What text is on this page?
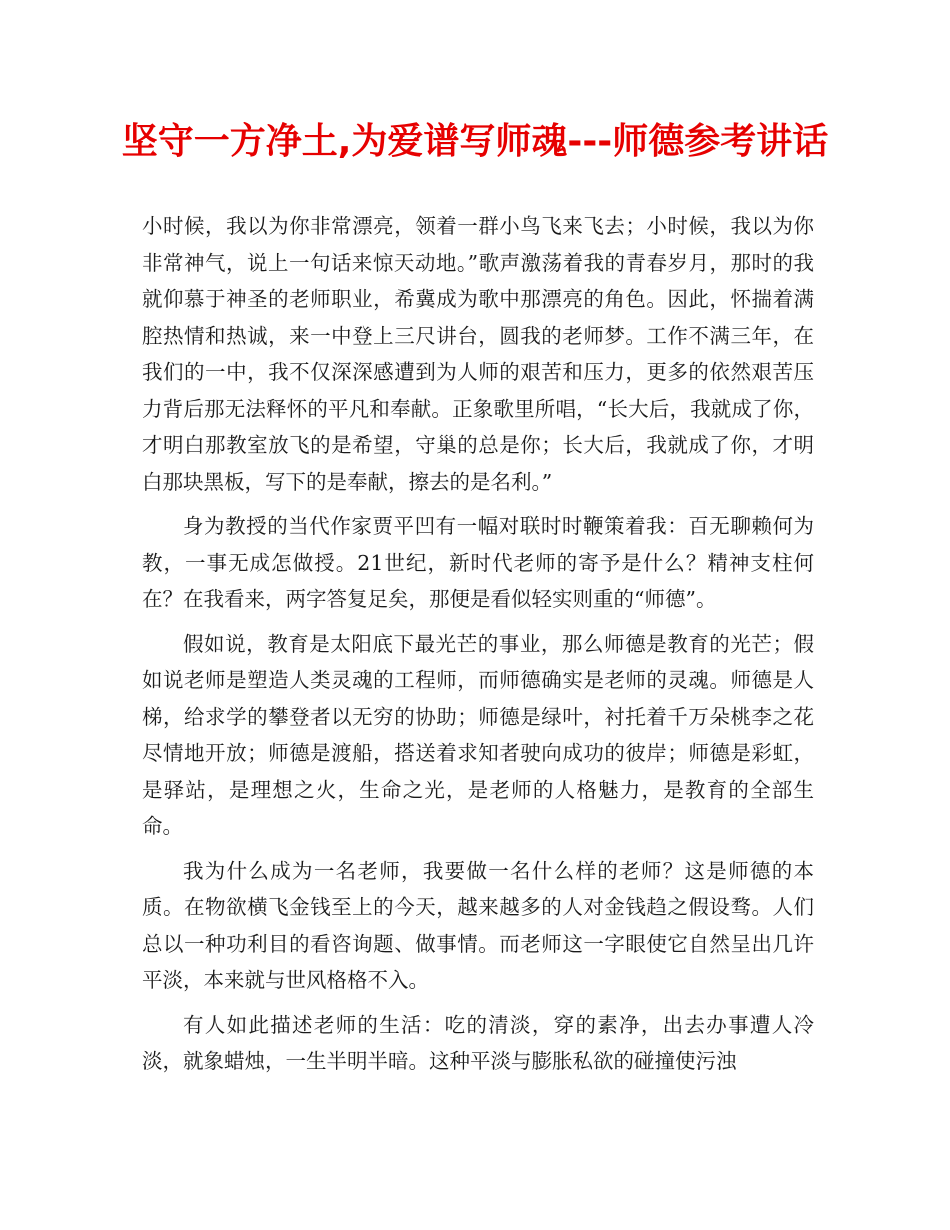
坚守一方净土,为爱谱写师魂---师德参考讲话

小时候，我以为你非常漂亮，领着一群小鸟飞来飞去；小时候，我以为你非常神气，说上一句话来惊天动地。”歌声激荡着我的青春岁月，那时的我就仰慕于神圣的老师职业，希冀成为歌中那漂亮的角色。因此，怀揣着满腔热情和热诚，来一中登上三尺讲台，圆我的老师梦。工作不满三年，在我们的一中，我不仅深深感遭到为人师的艰苦和压力，更多的依然艰苦压力背后那无法释怀的平凡和奉献。正象歌里所唱，“长大后，我就成了你，才明白那教室放飞的是希望，守巢的总是你；长大后，我就成了你，才明白那块黑板，写下的是奉献，擦去的是名利。”

身为教授的当代作家贾平凹有一幅对联时时鞭策着我：百无聊赖何为教，一事无成怎做授。21世纪，新时代老师的寄予是什么？精神支柱何在？在我看来，两字答复足矣，那便是看似轻实则重的“师德”。

假如说，教育是太阳底下最光芒的事业，那么师德是教育的光芒；假如说老师是塑造人类灵魂的工程师，而师德确实是老师的灵魂。师德是人梯，给求学的攀登者以无穷的协助；师德是绿叶，衬托着千万朵桃李之花尽情地开放；师德是渡船，搭送着求知者驶向成功的彼岸；师德是彩虹，是驿站，是理想之火，生命之光，是老师的人格魅力，是教育的全部生命。

我为什么成为一名老师，我要做一名什么样的老师？这是师德的本质。在物欲横飞金钱至上的今天，越来越多的人对金钱趋之假设骛。人们总以一种功利目的看咨询题、做事情。而老师这一字眼使它自然呈出几许平淡，本来就与世风格格不入。

有人如此描述老师的生活：吃的清淡，穿的素净，出去办事遭人冷淡，就象蜡烛，一生半明半暗。这种平淡与膨胀私欲的碰撞使污浊
